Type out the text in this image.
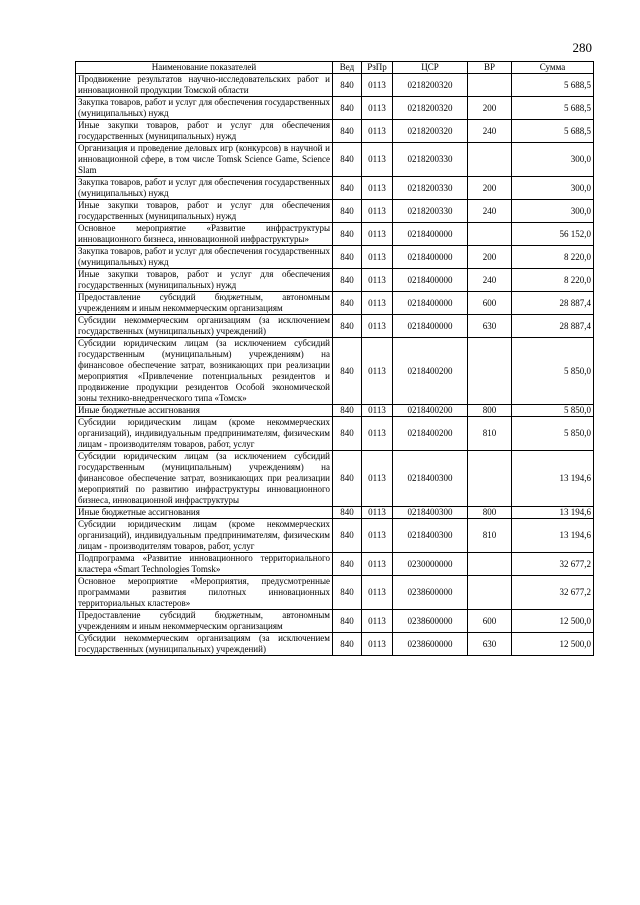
280
Наименование показателей	Вед	РзПр	ЦСР	ВР	Сумма
Продвижение результатов научно-исследовательских работ и инновационной продукции Томской области	840	0113	0218200320		5 688,5
Закупка товаров, работ и услуг для обеспечения государственных (муниципальных) нужд	840	0113	0218200320	200	5 688,5
Иные закупки товаров, работ и услуг для обеспечения государственных (муниципальных) нужд	840	0113	0218200320	240	5 688,5
Организация и проведение деловых игр (конкурсов) в научной и инновационной сфере, в том числе Tomsk Science Game, Science Slam	840	0113	0218200330		300,0
Закупка товаров, работ и услуг для обеспечения государственных (муниципальных) нужд	840	0113	0218200330	200	300,0
Иные закупки товаров, работ и услуг для обеспечения государственных (муниципальных) нужд	840	0113	0218200330	240	300,0
Основное мероприятие «Развитие инфраструктуры инновационного бизнеса, инновационной инфраструктуры»	840	0113	0218400000		56 152,0
Закупка товаров, работ и услуг для обеспечения государственных (муниципальных) нужд	840	0113	0218400000	200	8 220,0
Иные закупки товаров, работ и услуг для обеспечения государственных (муниципальных) нужд	840	0113	0218400000	240	8 220,0
Предоставление субсидий бюджетным, автономным учреждениям и иным некоммерческим организациям	840	0113	0218400000	600	28 887,4
Субсидии некоммерческим организациям (за исключением государственных (муниципальных) учреждений)	840	0113	0218400000	630	28 887,4
Субсидии юридическим лицам (за исключением субсидий государственным (муниципальным) учреждениям) на финансовое обеспечение затрат, возникающих при реализации мероприятия «Привлечение потенциальных резидентов и продвижение продукции резидентов Особой экономической зоны технико-внедренческого типа «Томск»	840	0113	0218400200		5 850,0
Иные бюджетные ассигнования	840	0113	0218400200	800	5 850,0
Субсидии юридическим лицам (кроме некоммерческих организаций), индивидуальным предпринимателям, физическим лицам - производителям товаров, работ, услуг	840	0113	0218400200	810	5 850,0
Субсидии юридическим лицам (за исключением субсидий государственным (муниципальным) учреждениям) на финансовое обеспечение затрат, возникающих при реализации мероприятий по развитию инфраструктуры инновационного бизнеса, инновационной инфраструктуры	840	0113	0218400300		13 194,6
Иные бюджетные ассигнования	840	0113	0218400300	800	13 194,6
Субсидии юридическим лицам (кроме некоммерческих организаций), индивидуальным предпринимателям, физическим лицам - производителям товаров, работ, услуг	840	0113	0218400300	810	13 194,6
Подпрограмма «Развитие инновационного территориального кластера «Smart Technologies Tomsk»	840	0113	0230000000		32 677,2
Основное мероприятие «Мероприятия, предусмотренные программами развития пилотных инновационных территориальных кластеров»	840	0113	0238600000		32 677,2
Предоставление субсидий бюджетным, автономным учреждениям и иным некоммерческим организациям	840	0113	0238600000	600	12 500,0
Субсидии некоммерческим организациям (за исключением государственных (муниципальных) учреждений)	840	0113	0238600000	630	12 500,0
